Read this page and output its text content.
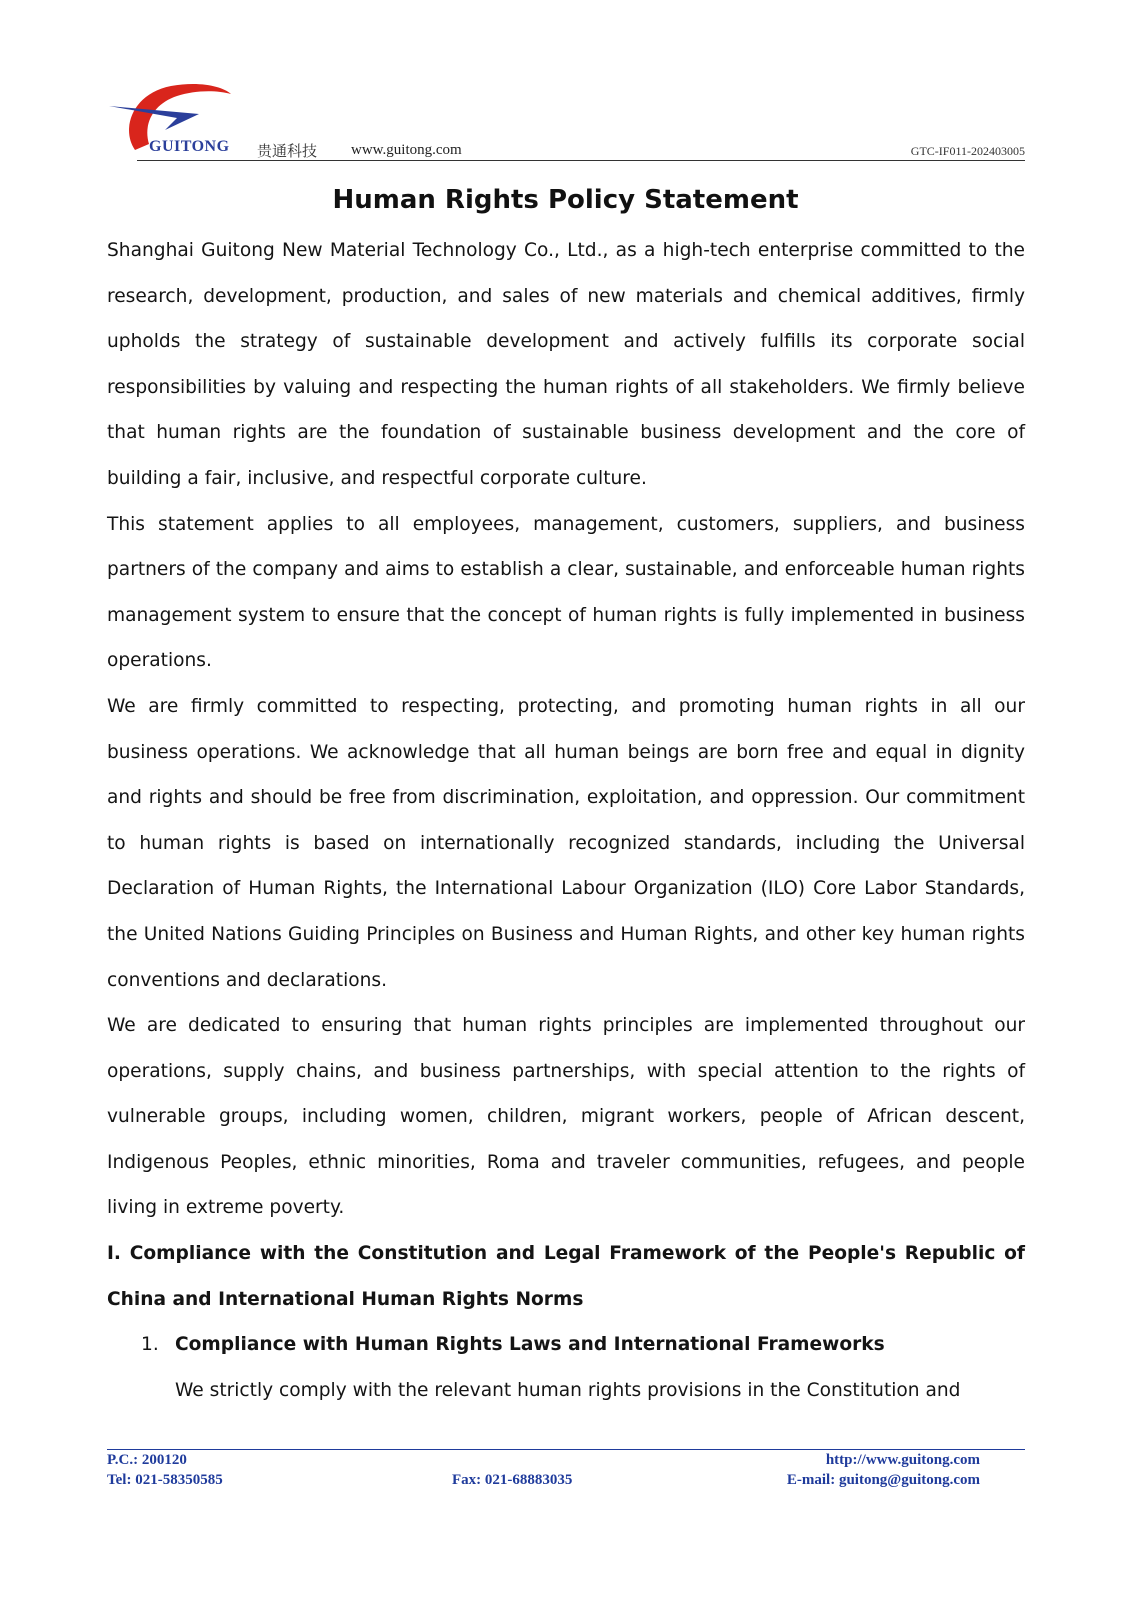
GUITONG 贵通科技 www.guitong.com	GTC-IF011-202403005
Human Rights Policy Statement

Shanghai Guitong New Material Technology Co., Ltd., as a high-tech enterprise committed to the research, development, production, and sales of new materials and chemical additives, firmly upholds the strategy of sustainable development and actively fulfills its corporate social responsibilities by valuing and respecting the human rights of all stakeholders. We firmly believe that human rights are the foundation of sustainable business development and the core of building a fair, inclusive, and respectful corporate culture.

This statement applies to all employees, management, customers, suppliers, and business partners of the company and aims to establish a clear, sustainable, and enforceable human rights management system to ensure that the concept of human rights is fully implemented in business operations.

We are firmly committed to respecting, protecting, and promoting human rights in all our business operations. We acknowledge that all human beings are born free and equal in dignity and rights and should be free from discrimination, exploitation, and oppression. Our commitment to human rights is based on internationally recognized standards, including the Universal Declaration of Human Rights, the International Labour Organization (ILO) Core Labor Standards, the United Nations Guiding Principles on Business and Human Rights, and other key human rights conventions and declarations.

We are dedicated to ensuring that human rights principles are implemented throughout our operations, supply chains, and business partnerships, with special attention to the rights of vulnerable groups, including women, children, migrant workers, people of African descent, Indigenous Peoples, ethnic minorities, Roma and traveler communities, refugees, and people living in extreme poverty.

I. Compliance with the Constitution and Legal Framework of the People's Republic of China and International Human Rights Norms

1. Compliance with Human Rights Laws and International Frameworks

We strictly comply with the relevant human rights provisions in the Constitution and

P.C.: 200120
Tel: 021-58350585	Fax: 021-68883035
http://www.guitong.com
E-mail: guitong@guitong.com
